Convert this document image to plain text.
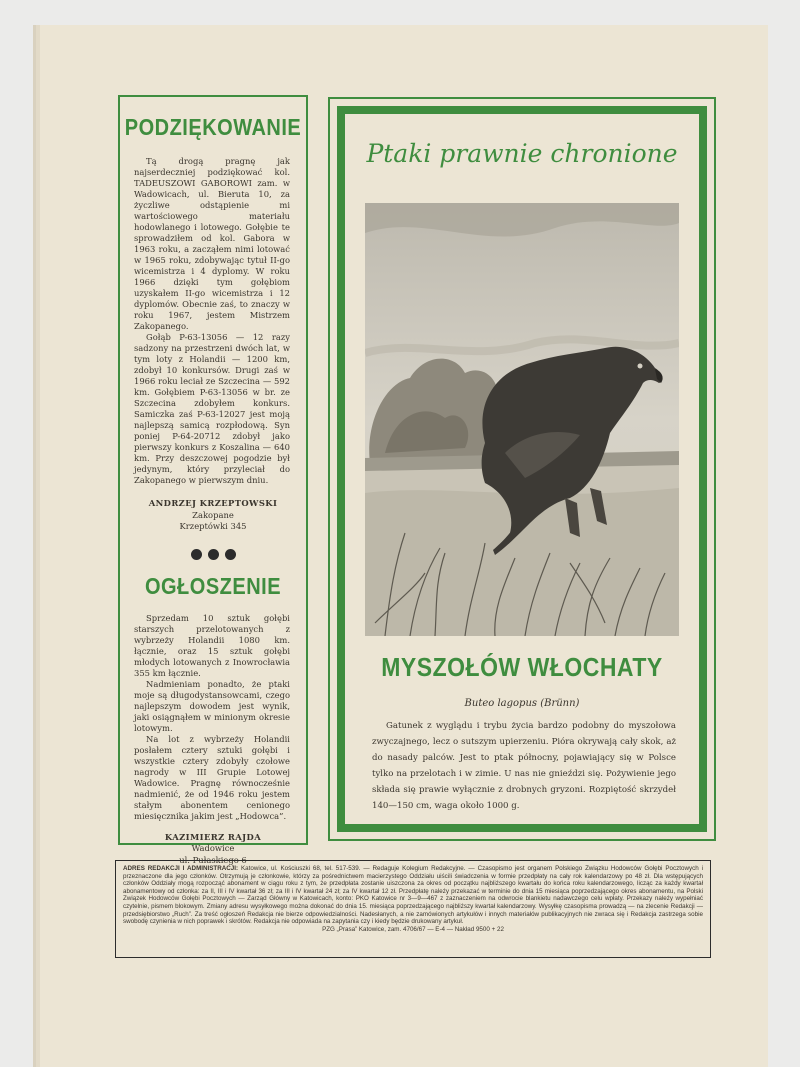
PODZIĘKOWANIE

Tą drogą pragnę jak najserdeczniej podziękować kol. TADEUSZOWI GABOROWI zam. w Wadowicach, ul. Bieruta 10, za życzliwe odstąpienie mi wartościowego materiału hodowlanego i lotowego. Gołębie te sprowadziłem od kol. Gabora w 1963 roku, a zacząłem nimi lotować w 1965 roku, zdobywając tytuł II-go wicemistrza i 4 dyplomy. W roku 1966 dzięki tym gołębiom uzyskałem II-go wicemistrza i 12 dyplomów. Obecnie zaś, to znaczy w roku 1967, jestem Mistrzem Zakopanego.

Gołąb P-63-13056 — 12 razy sadzony na przestrzeni dwóch lat, w tym loty z Holandii — 1200 km, zdobył 10 konkursów. Drugi zaś w 1966 roku leciał ze Szczecina — 592 km. Gołębiem P-63-13056 w br. ze Szczecina zdobyłem konkurs. Samiczka zaś P-63-12027 jest moją najlepszą samicą rozpłodową. Syn poniej P-64-20712 zdobył jako pierwszy konkurs z Koszalina — 640 km. Przy deszczowej pogodzie był jedynym, który przyleciał do Zakopanego w pierwszym dniu.

ANDRZEJ KRZEPTOWSKI
Zakopane
Krzeptówki 345
OGŁOSZENIE

Sprzedam 10 sztuk gołębi starszych przelotowanych z wybrzeży Holandii 1080 km. łącznie, oraz 15 sztuk gołębi młodych lotowanych z Inowrocławia 355 km łącznie.

Nadmieniam ponadto, że ptaki moje są długodystansowcami, czego najlepszym dowodem jest wynik, jaki osiągnąłem w minionym okresie lotowym.

Na lot z wybrzeży Holandii posłałem cztery sztuki gołębi i wszystkie cztery zdobyły czołowe nagrody w III Grupie Lotowej Wadowice. Pragnę równocześnie nadmienić, że od 1946 roku jestem stałym abonentem cenionego miesięcznika jakim jest „Hodowca”.

KAZIMIERZ RAJDA
Wadowice
ul. Pułaskiego 6
Ptaki prawnie chronione
MYSZOŁÓW WŁOCHATY
Buteo lagopus (Brünn)

Gatunek z wyglądu i trybu życia bardzo podobny do myszołowa zwyczajnego, lecz o sutszym upierzeniu. Pióra okrywają cały skok, aż do nasady palców. Jest to ptak północny, pojawiający się w Polsce tylko na przelotach i w zimie. U nas nie gnieździ się. Pożywienie jego składa się prawie wyłącznie z drobnych gryzoni. Rozpiętość skrzydeł 140—150 cm, waga około 1000 g.

ADRES REDAKCJI I ADMINISTRACJI: Katowice, ul. Kościuszki 68, tel. 517-539. — Redaguje Kolegium Redakcyjne. — Czasopismo jest organem Polskiego Związku Hodowców Gołębi Pocztowych i przeznaczone dla jego członków. Otrzymują je członkowie, którzy za pośrednictwem macierzystego Oddziału uiścili świadczenia w formie przedpłaty na cały rok kalendarzowy po 48 zł. Dla wstępujących członków Oddziały mogą rozpocząć abonament w ciągu roku z tym, że przedpłata zostanie uiszczona za okres od początku najbliższego kwartału do końca roku kalendarzowego, licząc za każdy kwartał abonamentowy od członka: za II, III i IV kwartał 36 zł; za III i IV kwartał 24 zł; za IV kwartał 12 zł. Przedpłatę należy przekazać w terminie do dnia 15 miesiąca poprzedzającego okres abonamentu, na Polski Związek Hodowców Gołębi Pocztowych — Zarząd Główny w Katowicach, konto: PKO Katowice nr 3—9—467 z zaznaczeniem na odwrocie blankietu nadawczego celu wpłaty. Przekazy należy wypełniać czytelnie, pismem blokowym. Zmiany adresu wysyłkowego można dokonać do dnia 15. miesiąca poprzedzającego najbliższy kwartał kalendarzowy. Wysyłkę czasopisma prowadzą — na zlecenie Redakcji — przedsiębiorstwo „Ruch”. Za treść ogłoszeń Redakcja nie bierze odpowiedzialności. Nadesłanych, a nie zamówionych artykułów i innych materiałów publikacyjnych nie zwraca się i Redakcja zastrzega sobie swobodę czynienia w nich poprawek i skrótów. Redakcja nie odpowiada na zapytania czy i kiedy będzie drukowany artykuł.
PZG „Prasa” Katowice, zam. 4706/67 — E-4 — Nakład 9500 + 22
